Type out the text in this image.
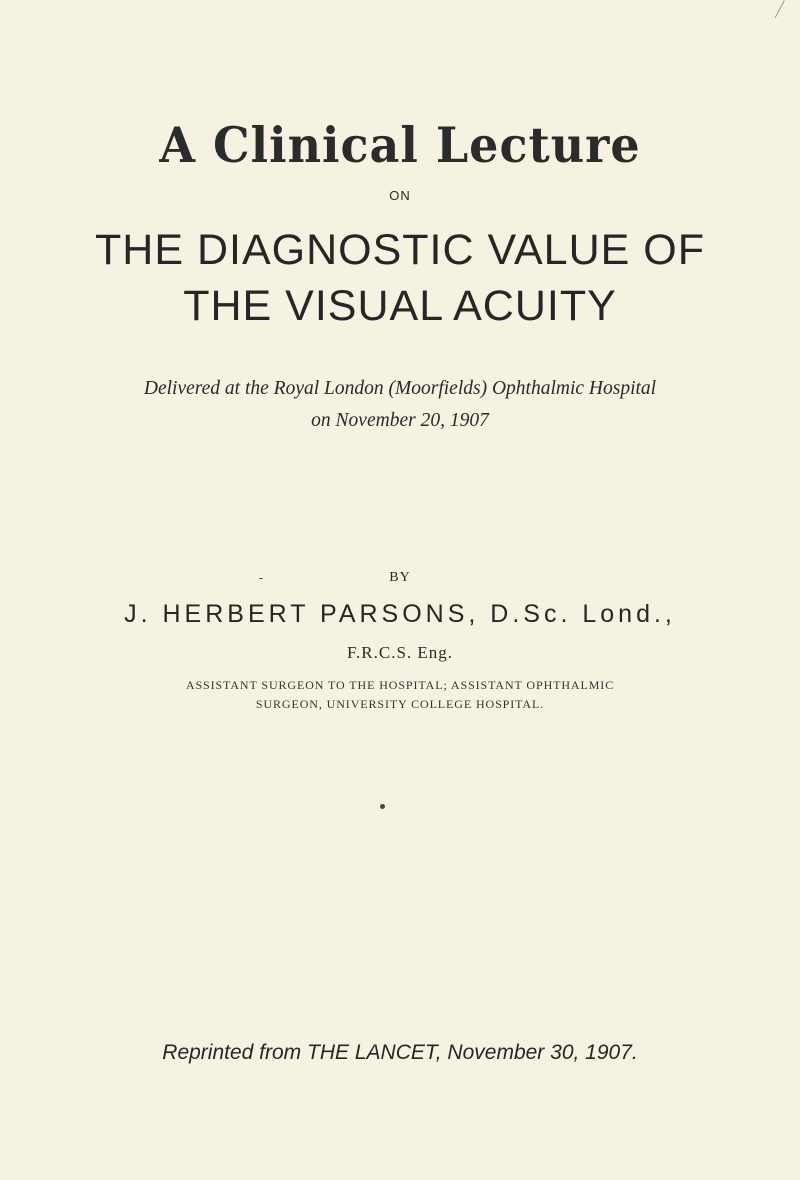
A Clinical Lecture
ON
THE DIAGNOSTIC VALUE OF
THE VISUAL ACUITY
Delivered at the Royal London (Moorfields) Ophthalmic Hospital
on November 20, 1907
BY
J. HERBERT PARSONS, D.Sc. Lond.,
F.R.C.S. Eng.
ASSISTANT SURGEON TO THE HOSPITAL; ASSISTANT OPHTHALMIC
SURGEON, UNIVERSITY COLLEGE HOSPITAL.
Reprinted from THE LANCET, November 30, 1907.
